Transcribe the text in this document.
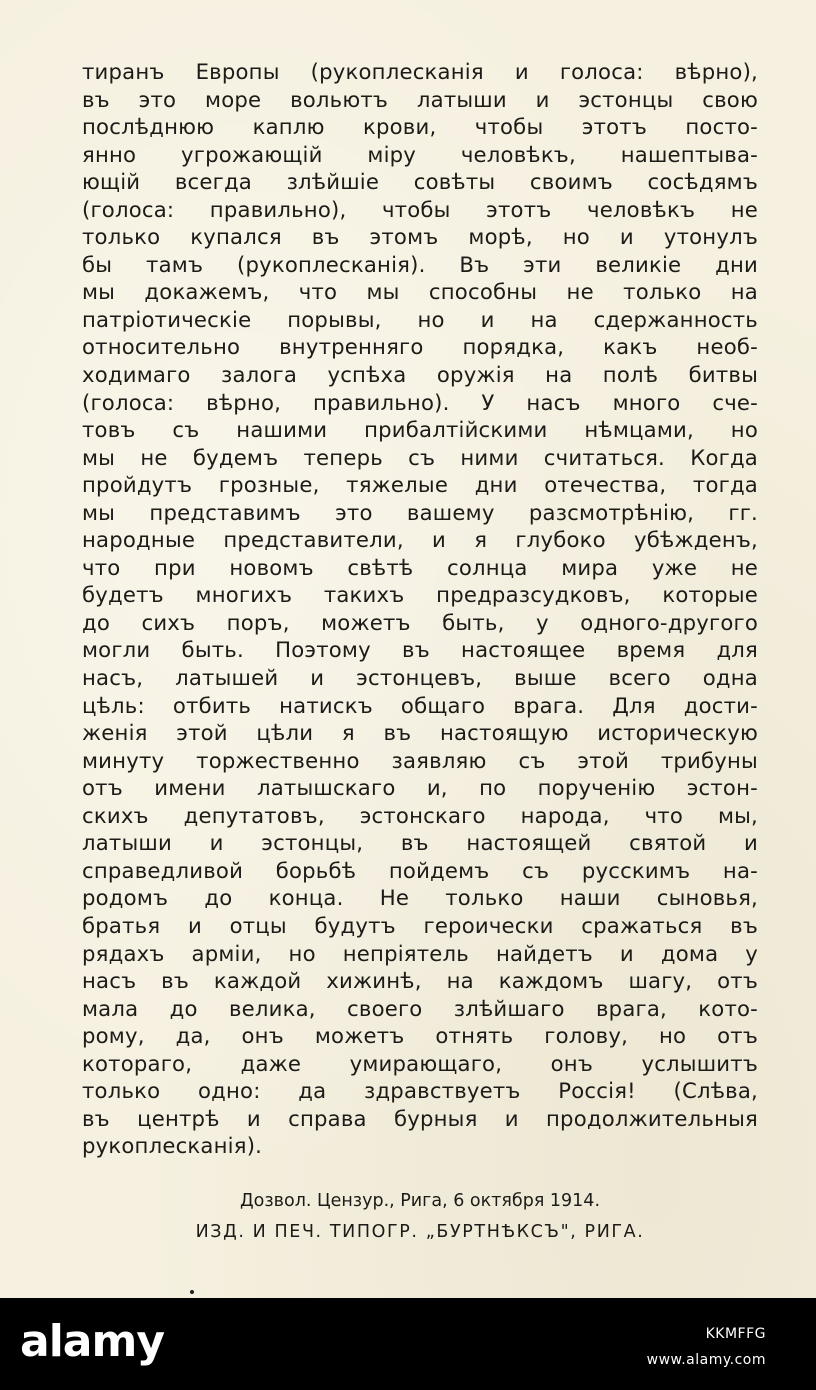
тиранъ Европы (рукоплесканія и голоса: вѣрно),
въ это море вольютъ латыши и эстонцы свою
послѣднюю каплю крови, чтобы этотъ посто-
янно угрожающій міру человѣкъ, нашептыва-
ющій всегда злѣйшіе совѣты своимъ сосѣдямъ
(голоса: правильно), чтобы этотъ человѣкъ не
только купался въ этомъ морѣ, но и утонулъ
бы тамъ (рукоплесканія). Въ эти великіе дни
мы докажемъ, что мы способны не только на
патріотическіе порывы, но и на сдержанность
относительно внутренняго порядка, какъ необ-
ходимаго залога успѣха оружія на полѣ битвы
(голоса: вѣрно, правильно). У насъ много сче-
товъ съ нашими прибалтійскими нѣмцами, но
мы не будемъ теперь съ ними считаться. Когда
пройдутъ грозные, тяжелые дни отечества, тогда
мы представимъ это вашему разсмотрѣнію, гг.
народные представители, и я глубоко убѣжденъ,
что при новомъ свѣтѣ солнца мира уже не
будетъ многихъ такихъ предразсудковъ, которые
до сихъ поръ, можетъ быть, у одного-другого
могли быть. Поэтому въ настоящее время для
насъ, латышей и эстонцевъ, выше всего одна
цѣль: отбить натискъ общаго врага. Для дости-
женія этой цѣли я въ настоящую историческую
минуту торжественно заявляю съ этой трибуны
отъ имени латышскаго и, по порученію эстон-
скихъ депутатовъ, эстонскаго народа, что мы,
латыши и эстонцы, въ настоящей святой и
справедливой борьбѣ пойдемъ съ русскимъ на-
родомъ до конца. Не только наши сыновья,
братья и отцы будутъ героически сражаться въ
рядахъ арміи, но непріятель найдетъ и дома у
насъ въ каждой хижинѣ, на каждомъ шагу, отъ
мала до велика, своего злѣйшаго врага, кото-
рому, да, онъ можетъ отнять голову, но отъ
котораго, даже умирающаго, онъ услышитъ
только одно: да здравствуетъ Россія! (Слѣва,
въ центрѣ и справа бурныя и продолжительныя
рукоплесканія).
Дозвол. Цензур., Рига, 6 октября 1914.
ИЗД. И ПЕЧ. ТИПОГР. „БУРТНѢКСЪ", РИГА.
alamy	KKMFFG
www.alamy.com
